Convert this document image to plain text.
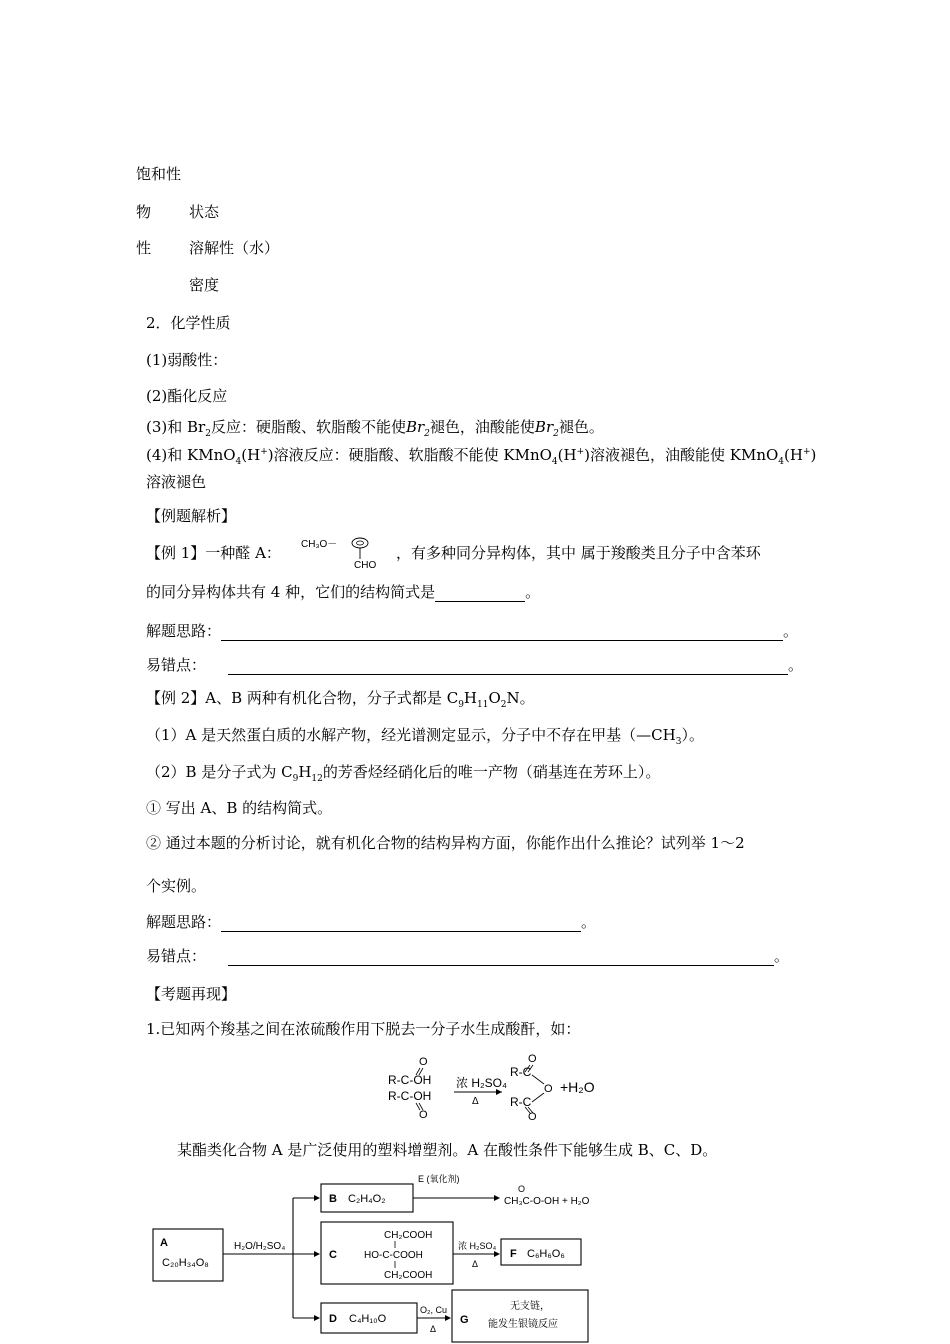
饱和性
物	状态
性	溶解性（水）
密度
2．化学性质
(1)弱酸性：
(2)酯化反应
(3)和 $Br_2$反应：硬脂酸、软脂酸不能使$Br_2$褪色，油酸能使$Br_2$褪色。
(4)和 KMnO$_4$(H+)溶液反应：硬脂酸、软脂酸不能使 KMnO$_4$(H+)溶液褪色，油酸能使 KMnO$_4$(H+)
溶液褪色
【例题解析】
【例 1】一种醛 A： CH₃O－
CHO
，有多种同分异构体，其中 属于羧酸类且分子中含苯环
的同分异构体共有 4 种，它们的结构简式是	。
解题思路：	。
易错点：	。
【例 2】A、B 两种有机化合物，分子式都是 $C_9H_{11}O_2N$。
（1）A 是天然蛋白质的水解产物，经光谱测定显示，分子中不存在甲基$(—CH_3)$。
（2）B 是分子式为 $C_9H_{12}$的芳香烃经硝化后的唯一产物（硝基连在芳环上）。
① 写出 A、B 的结构简式。
② 通过本题的分析讨论，就有机化合物的结构异构方面，你能作出什么推论？试列举 1～2
个实例。
解题思路：	。
易错点：	。
【考题再现】
1.已知两个羧基之间在浓硫酸作用下脱去一分子水生成酸酐，如：
O
R-C-OH
R-C-OH
O
浓 H₂SO₄
Δ
O
R-C
O
R-C
O
+H₂O
某酯类化合物 A 是广泛使用的塑料增塑剂。A 在酸性条件下能够生成 B、C、D。
A
C₂₀H₃₄O₈
H₂O/H₂SO₄
B C₂H₄O₂
E (氧化剂)
O
CH₃C-O-OH + H₂O
C
CH₂COOH
HO-C-COOH
CH₂COOH
浓 H₂SO₄
Δ
F C₆H₆O₆
D C₄H₁₀O
O₂, Cu
Δ
G
无支链，
能发生银镜反应
